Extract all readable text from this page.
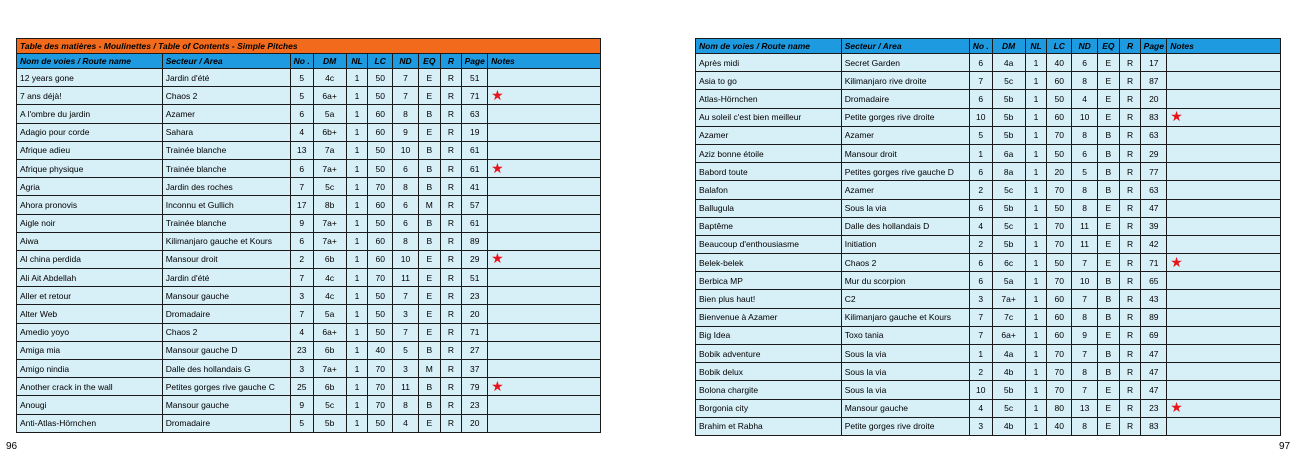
Table des matières - Moulinettes / Table of Contents - Simple Pitches										
Nom de voies / Route name	Secteur / Area	No .	DM	NL	LC	ND	EQ	R	Page	Notes
12 years gone	Jardin d'été	5	4c	1	50	7	E	R	51	
7 ans déjà!	Chaos 2	5	6a+	1	50	7	E	R	71	★
A l'ombre du jardin	Azamer	6	5a	1	60	8	B	R	63	
Adagio pour corde	Sahara	4	6b+	1	60	9	E	R	19	
Afrique adieu	Trainée blanche	13	7a	1	50	10	B	R	61	
Afrique physique	Trainée blanche	6	7a+	1	50	6	B	R	61	★
Agria	Jardin des roches	7	5c	1	70	8	B	R	41	
Ahora pronovis	Inconnu et Gullich	17	8b	1	60	6	M	R	57	
Aigle noir	Trainée blanche	9	7a+	1	50	6	B	R	61	
Aiwa	Kilimanjaro gauche et Kours	6	7a+	1	60	8	B	R	89	
Al china perdida	Mansour droit	2	6b	1	60	10	E	R	29	★
Ali Ait Abdellah	Jardin d'été	7	4c	1	70	11	E	R	51	
Aller et retour	Mansour gauche	3	4c	1	50	7	E	R	23	
Alter Web	Dromadaire	7	5a	1	50	3	E	R	20	
Amedio yoyo	Chaos 2	4	6a+	1	50	7	E	R	71	
Amiga mia	Mansour gauche D	23	6b	1	40	5	B	R	27	
Amigo nindia	Dalle des hollandais G	3	7a+	1	70	3	M	R	37	
Another crack in the wall	Petites gorges rive gauche C	25	6b	1	70	11	B	R	79	★
Anougi	Mansour gauche	9	5c	1	70	8	B	R	23	
Anti-Atlas-Hörnchen	Dromadaire	5	5b	1	50	4	E	R	20	
Nom de voies / Route name	Secteur / Area	No .	DM	NL	LC	ND	EQ	R	Page	Notes
Après midi	Secret Garden	6	4a	1	40	6	E	R	17	
Asia to go	Kilimanjaro rive droite	7	5c	1	60	8	E	R	87	
Atlas-Hörnchen	Dromadaire	6	5b	1	50	4	E	R	20	
Au soleil c'est bien meilleur	Petite gorges rive droite	10	5b	1	60	10	E	R	83	★
Azamer	Azamer	5	5b	1	70	8	B	R	63	
Aziz bonne étoile	Mansour droit	1	6a	1	50	6	B	R	29	
Babord toute	Petites gorges rive gauche D	6	8a	1	20	5	B	R	77	
Balafon	Azamer	2	5c	1	70	8	B	R	63	
Ballugula	Sous la via	6	5b	1	50	8	E	R	47	
Baptême	Dalle des hollandais D	4	5c	1	70	11	E	R	39	
Beaucoup d'enthousiasme	Initiation	2	5b	1	70	11	E	R	42	
Belek-belek	Chaos 2	6	6c	1	50	7	E	R	71	★
Berbica MP	Mur du scorpion	6	5a	1	70	10	B	R	65	
Bien plus haut!	C2	3	7a+	1	60	7	B	R	43	
Bienvenue à Azamer	Kilimanjaro gauche et Kours	7	7c	1	60	8	B	R	89	
Big Idea	Toxo tania	7	6a+	1	60	9	E	R	69	
Bobik adventure	Sous la via	1	4a	1	70	7	B	R	47	
Bobik delux	Sous la via	2	4b	1	70	8	B	R	47	
Bolona chargite	Sous la via	10	5b	1	70	7	E	R	47	
Borgonia city	Mansour gauche	4	5c	1	80	13	E	R	23	★
Brahim et Rabha	Petite gorges rive droite	3	4b	1	40	8	E	R	83	
96	97
